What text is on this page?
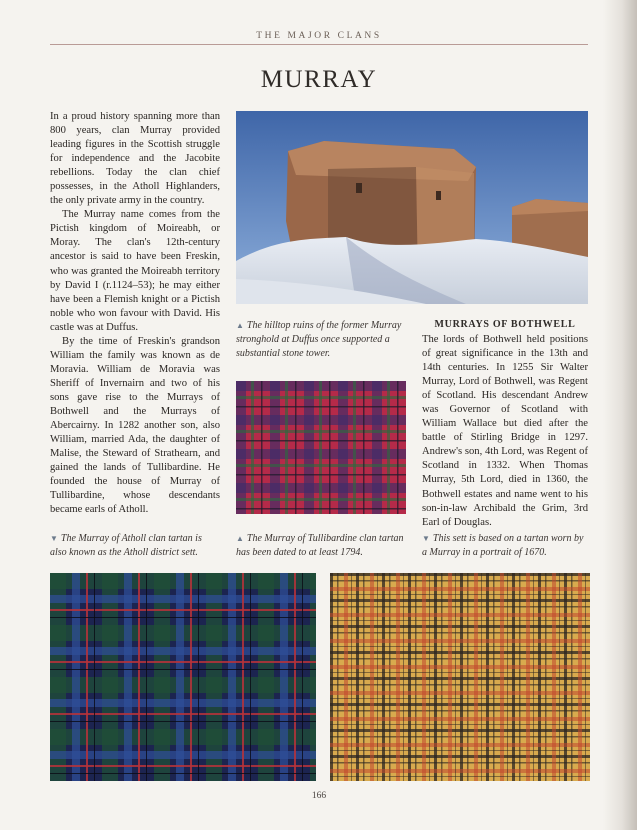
THE MAJOR CLANS
MURRAY

In a proud history spanning more than 800 years, clan Murray provided leading figures in the Scottish struggle for independence and the Jacobite rebellions. Today the clan chief possesses, in the Atholl Highlanders, the only private army in the country.

The Murray name comes from the Pictish kingdom of Moireabh, or Moray. The clan's 12th-century ancestor is said to have been Freskin, who was granted the Moireabh territory by David I (r.1124–53); he may either have been a Flemish knight or a Pictish noble who won favour with David. His castle was at Duffus.

By the time of Freskin's grandson William the family was known as de Moravia. William de Moravia was Sheriff of Invernairn and two of his sons gave rise to the Murrays of Bothwell and the Murrays of Abercairny. In 1282 another son, also William, married Ada, the daughter of Malise, the Steward of Strathearn, and gained the lands of Tullibardine. He founded the house of Murray of Tullibardine, whose descendants became earls of Atholl.

▲ The hilltop ruins of the former Murray stronghold at Duffus once supported a substantial stone tower.
MURRAYS OF BOTHWELL

The lords of Bothwell held positions of great significance in the 13th and 14th centuries. In 1255 Sir Walter Murray, Lord of Bothwell, was Regent of Scotland. His descendant Andrew was Governor of Scotland with William Wallace but died after the battle of Stirling Bridge in 1297. Andrew's son, 4th Lord, was Regent of Scotland in 1332. When Thomas Murray, 5th Lord, died in 1360, the Bothwell estates and name went to his son-in-law Archibald the Grim, 3rd Earl of Douglas.

▼ The Murray of Atholl clan tartan is also known as the Atholl district sett.
▲ The Murray of Tullibardine clan tartan has been dated to at least 1794.
▼ This sett is based on a tartan worn by a Murray in a portrait of 1670.
166
